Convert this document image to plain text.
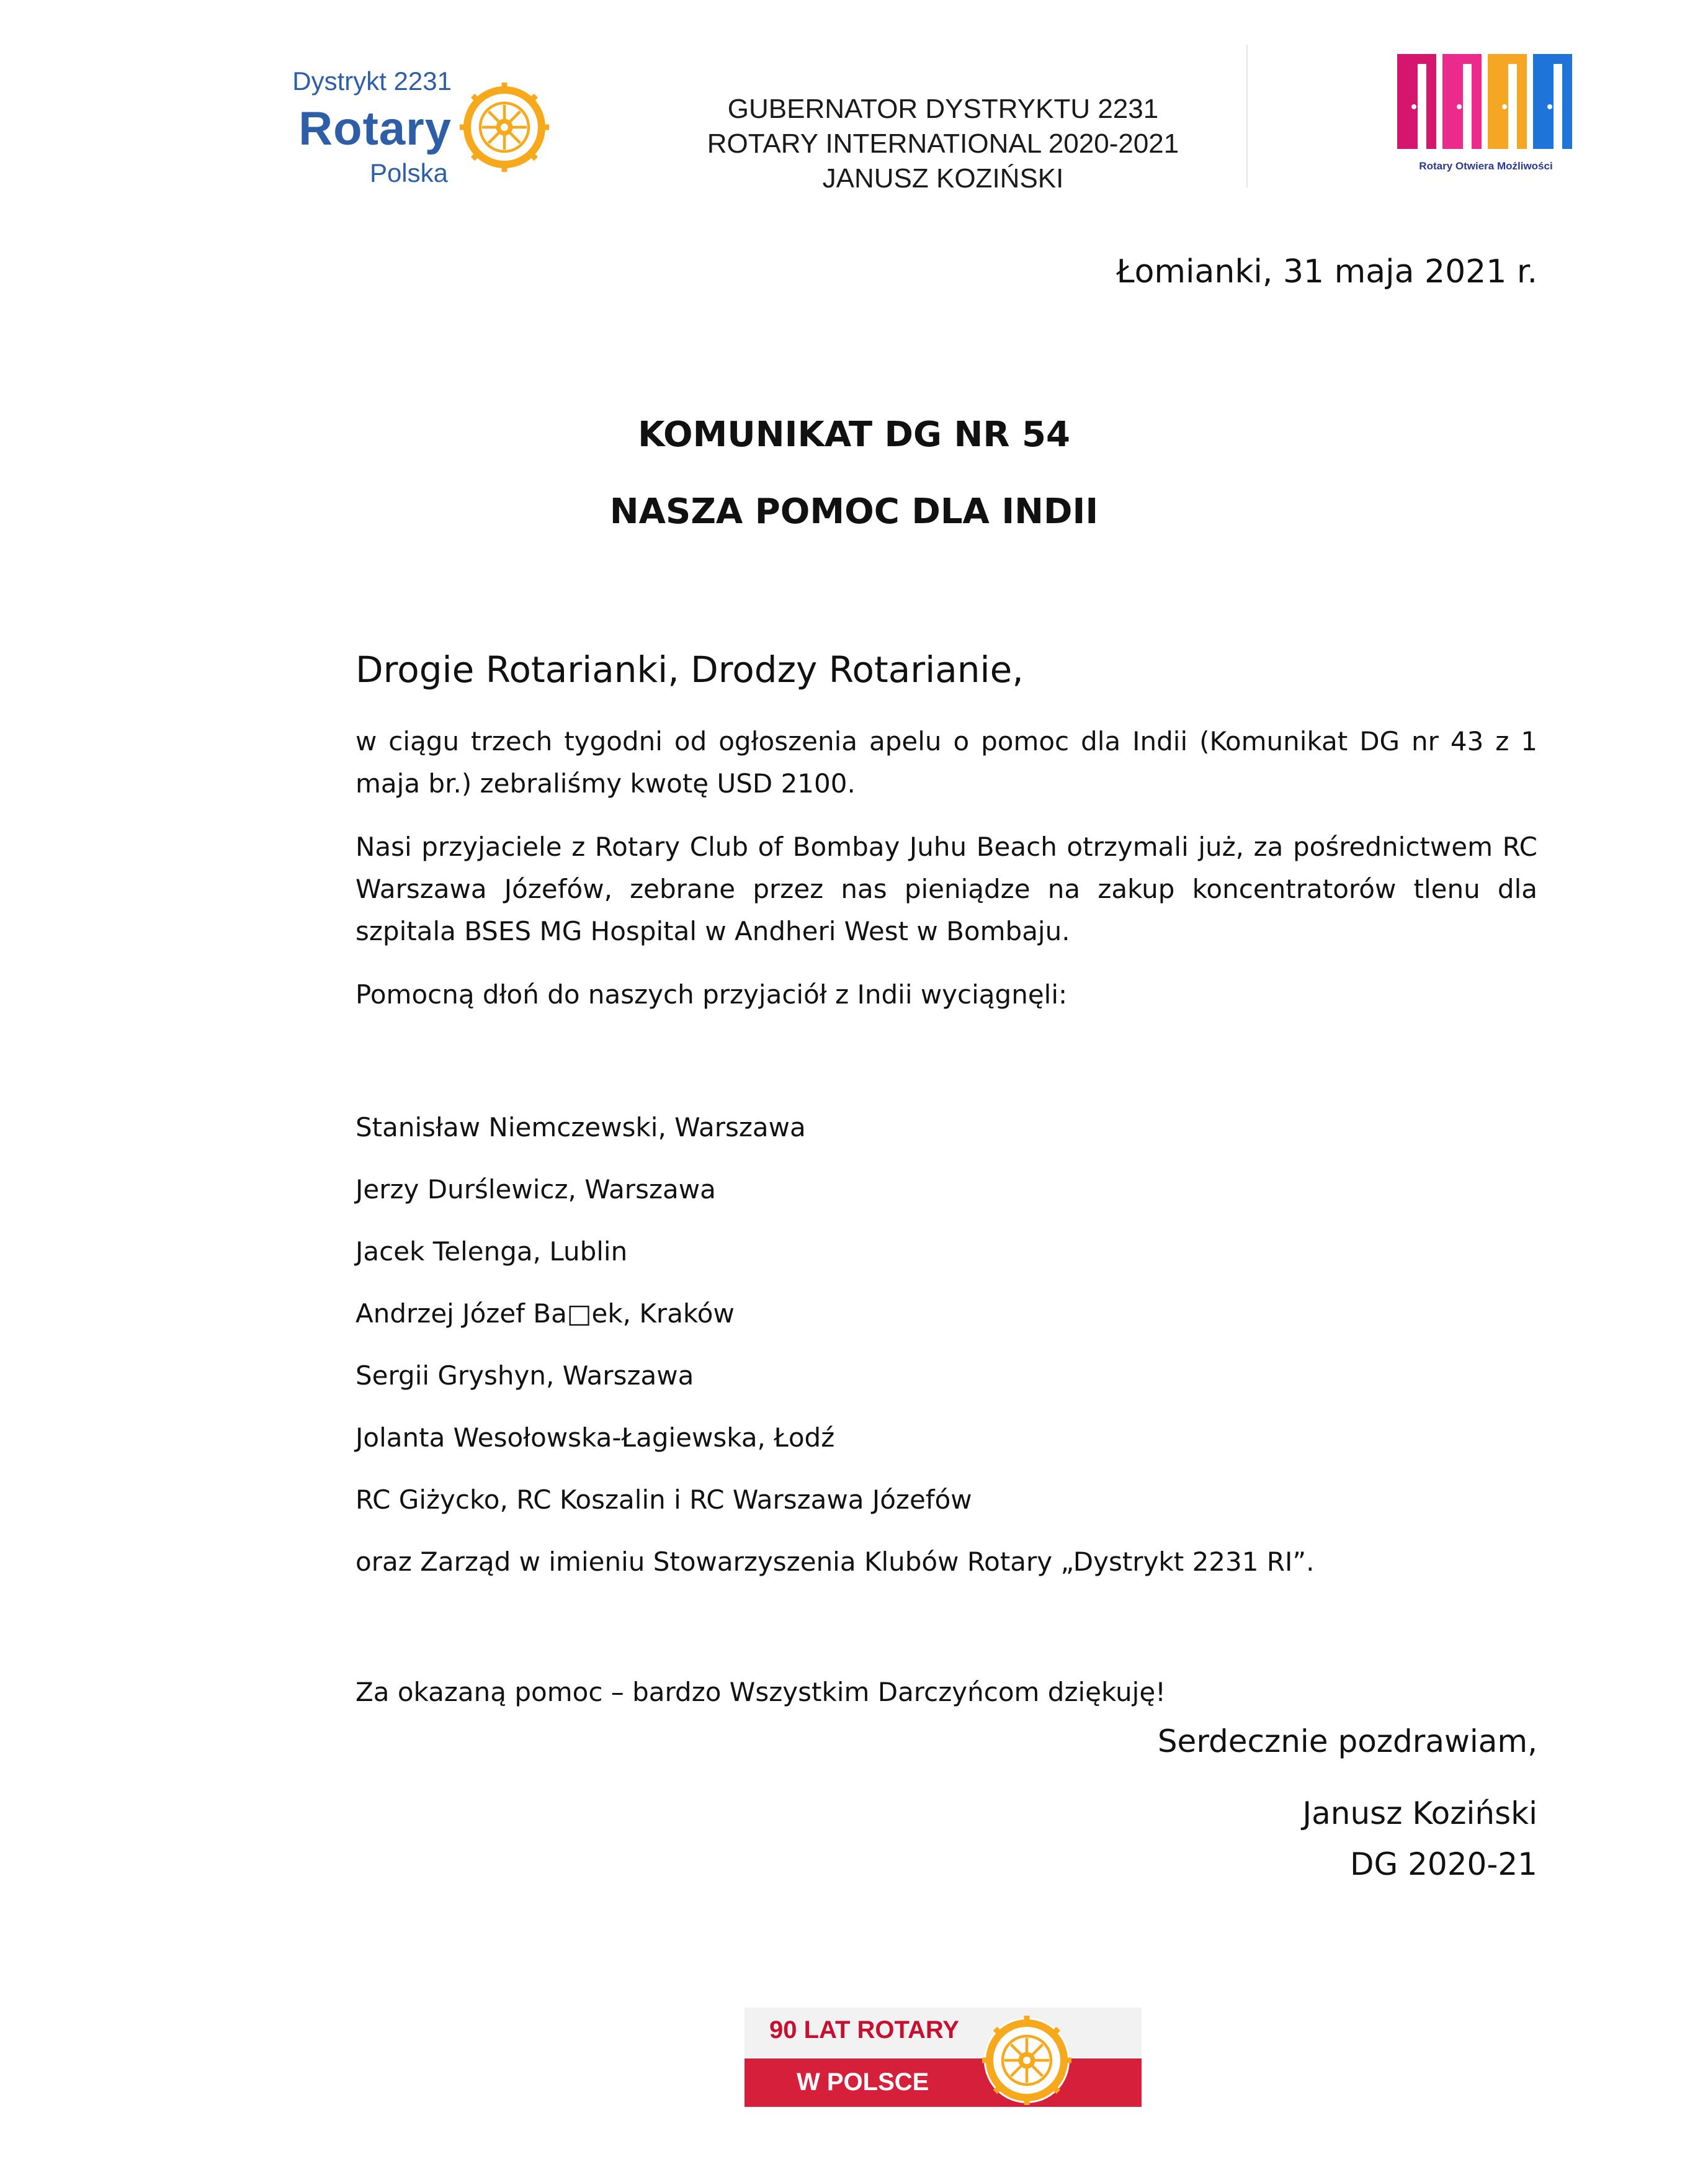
Dystrykt 2231
Rotary
Polska
GUBERNATOR DYSTRYKTU 2231
ROTARY INTERNATIONAL 2020-2021
JANUSZ KOZIŃSKI	Rotary Otwiera Możliwości
Łomianki, 31 maja 2021 r.
KOMUNIKAT DG NR 54
NASZA POMOC DLA INDII

Drogie Rotarianki, Drodzy Rotarianie,

w ciągu trzech tygodni od ogłoszenia apelu o pomoc dla Indii (Komunikat DG nr 43 z 1 maja br.) zebraliśmy kwotę USD 2100.

Nasi przyjaciele z Rotary Club of Bombay Juhu Beach otrzymali już, za pośrednictwem RC Warszawa Józefów, zebrane przez nas pieniądze na zakup koncentratorów tlenu dla szpitala BSES MG Hospital w Andheri West w Bombaju.

Pomocną dłoń do naszych przyjaciół z Indii wyciągnęli:

Stanisław Niemczewski, Warszawa

Jerzy Durślewicz, Warszawa

Jacek Telenga, Lublin

Andrzej Józef Ba□ek, Kraków

Sergii Gryshyn, Warszawa

Jolanta Wesołowska-Łagiewska, Łodź

RC Giżycko, RC Koszalin i RC Warszawa Józefów

oraz Zarząd w imieniu Stowarzyszenia Klubów Rotary „Dystrykt 2231 RI”.

Za okazaną pomoc – bardzo Wszystkim Darczyńcom dziękuję!

Serdecznie pozdrawiam,
Janusz Koziński
DG 2020-21
90 LAT ROTARY
W POLSCE
